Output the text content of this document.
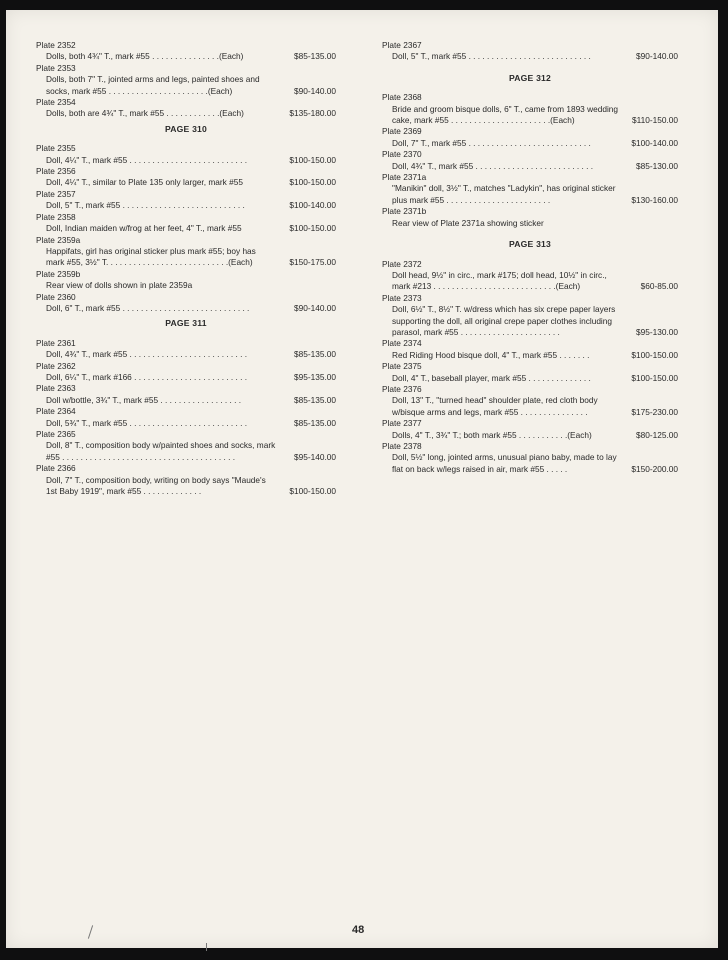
Plate 2352
Dolls, both 4¾" T., mark #55 . . . . . . . . . . . . . . .(Each)	$85-135.00
Plate 2353
Dolls, both 7" T., jointed arms and legs, painted shoes and socks, mark #55 . . . . . . . . . . . . . . . . . . . . . .(Each)	$90-140.00
Plate 2354
Dolls, both are 4¾" T., mark #55 . . . . . . . . . . . .(Each)	$135-180.00
PAGE 310
Plate 2355
Doll, 4¼" T., mark #55 . . . . . . . . . . . . . . . . . . . . . . . . . .	$100-150.00
Plate 2356
Doll, 4¼" T., similar to Plate 135 only larger, mark #55	$100-150.00
Plate 2357
Doll, 5" T., mark #55 . . . . . . . . . . . . . . . . . . . . . . . . . . .	$100-140.00
Plate 2358
Doll, Indian maiden w/frog at her feet, 4" T., mark #55	$100-150.00
Plate 2359a
Happifats, girl has original sticker plus mark #55; boy has mark #55, 3½" T. . . . . . . . . . . . . . . . . . . . . . . . . . .(Each)	$150-175.00
Plate 2359b
Rear view of dolls shown in plate 2359a
Plate 2360
Doll, 6" T., mark #55 . . . . . . . . . . . . . . . . . . . . . . . . . . . .	$90-140.00
PAGE 311
Plate 2361
Doll, 4¾" T., mark #55 . . . . . . . . . . . . . . . . . . . . . . . . . .	$85-135.00
Plate 2362
Doll, 6¼" T., mark #166 . . . . . . . . . . . . . . . . . . . . . . . . .	$95-135.00
Plate 2363
Doll w/bottle, 3¾" T., mark #55 . . . . . . . . . . . . . . . . . .	$85-135.00
Plate 2364
Doll, 5¾" T., mark #55 . . . . . . . . . . . . . . . . . . . . . . . . . .	$85-135.00
Plate 2365
Doll, 8" T., composition body w/painted shoes and socks, mark #55 . . . . . . . . . . . . . . . . . . . . . . . . . . . . . . . . . . . . . .	$95-140.00
Plate 2366
Doll, 7" T., composition body, writing on body says "Maude's 1st Baby 1919", mark #55 . . . . . . . . . . . . .	$100-150.00
Plate 2367
Doll, 5" T., mark #55 . . . . . . . . . . . . . . . . . . . . . . . . . . .	$90-140.00
PAGE 312
Plate 2368
Bride and groom bisque dolls, 6" T., came from 1893 wedding cake, mark #55 . . . . . . . . . . . . . . . . . . . . . .(Each)	$110-150.00
Plate 2369
Doll, 7" T., mark #55 . . . . . . . . . . . . . . . . . . . . . . . . . . .	$100-140.00
Plate 2370
Doll, 4¾" T., mark #55 . . . . . . . . . . . . . . . . . . . . . . . . . .	$85-130.00
Plate 2371a
"Manikin" doll, 3½" T., matches "Ladykin", has original sticker plus mark #55 . . . . . . . . . . . . . . . . . . . . . . .	$130-160.00
Plate 2371b
Rear view of Plate 2371a showing sticker
PAGE 313
Plate 2372
Doll head, 9½" in circ., mark #175; doll head, 10½" in circ., mark #213 . . . . . . . . . . . . . . . . . . . . . . . . . . .(Each)	$60-85.00
Plate 2373
Doll, 6½" T., 8½" T. w/dress which has six crepe paper layers supporting the doll, all original crepe paper clothes including parasol, mark #55 . . . . . . . . . . . . . . . . . . . . . .	$95-130.00
Plate 2374
Red Riding Hood bisque doll, 4" T., mark #55 . . . . . . .	$100-150.00
Plate 2375
Doll, 4" T., baseball player, mark #55 . . . . . . . . . . . . . .	$100-150.00
Plate 2376
Doll, 13" T., "turned head" shoulder plate, red cloth body w/bisque arms and legs, mark #55 . . . . . . . . . . . . . . .	$175-230.00
Plate 2377
Dolls, 4" T., 3¾" T.; both mark #55 . . . . . . . . . . .(Each)	$80-125.00
Plate 2378
Doll, 5½" long, jointed arms, unusual piano baby, made to lay flat on back w/legs raised in air, mark #55 . . . . .	$150-200.00
48
